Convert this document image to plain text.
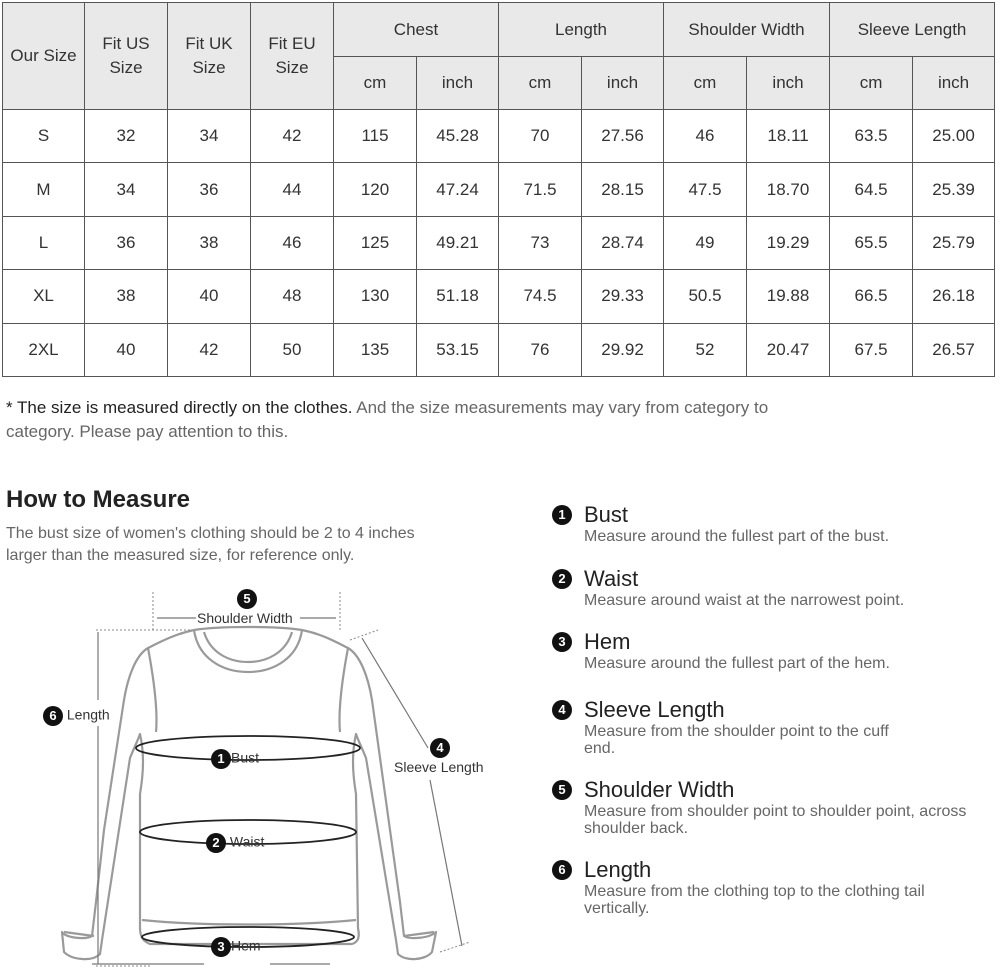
Our Size	Fit US Size	Fit UK Size	Fit EU Size	Chest		Length		Shoulder Width		Sleeve Length	
				cm	inch	cm	inch	cm	inch	cm	inch
S	32	34	42	115	45.28	70	27.56	46	18.11	63.5	25.00
M	34	36	44	120	47.24	71.5	28.15	47.5	18.70	64.5	25.39
L	36	38	46	125	49.21	73	28.74	49	19.29	65.5	25.79
XL	38	40	48	130	51.18	74.5	29.33	50.5	19.88	66.5	26.18
2XL	40	42	50	135	53.15	76	29.92	52	20.47	67.5	26.57
* The size is measured directly on the clothes. And the size measurements may vary from category to category. Please pay attention to this.
How to Measure
The bust size of women's clothing should be 2 to 4 inches larger than the measured size, for reference only.
5
Shoulder Width
6 Length
1 Bust
4
Sleeve Length
2 Waist
3 Hem
1 Bust
Measure around the fullest part of the bust.
2 Waist
Measure around waist at the narrowest point.
3 Hem
Measure around the fullest part of the hem.
4 Sleeve Length
Measure from the shoulder point to the cuff end.
5 Shoulder Width
Measure from shoulder point to shoulder point, across shoulder back.
6 Length
Measure from the clothing top to the clothing tail vertically.
